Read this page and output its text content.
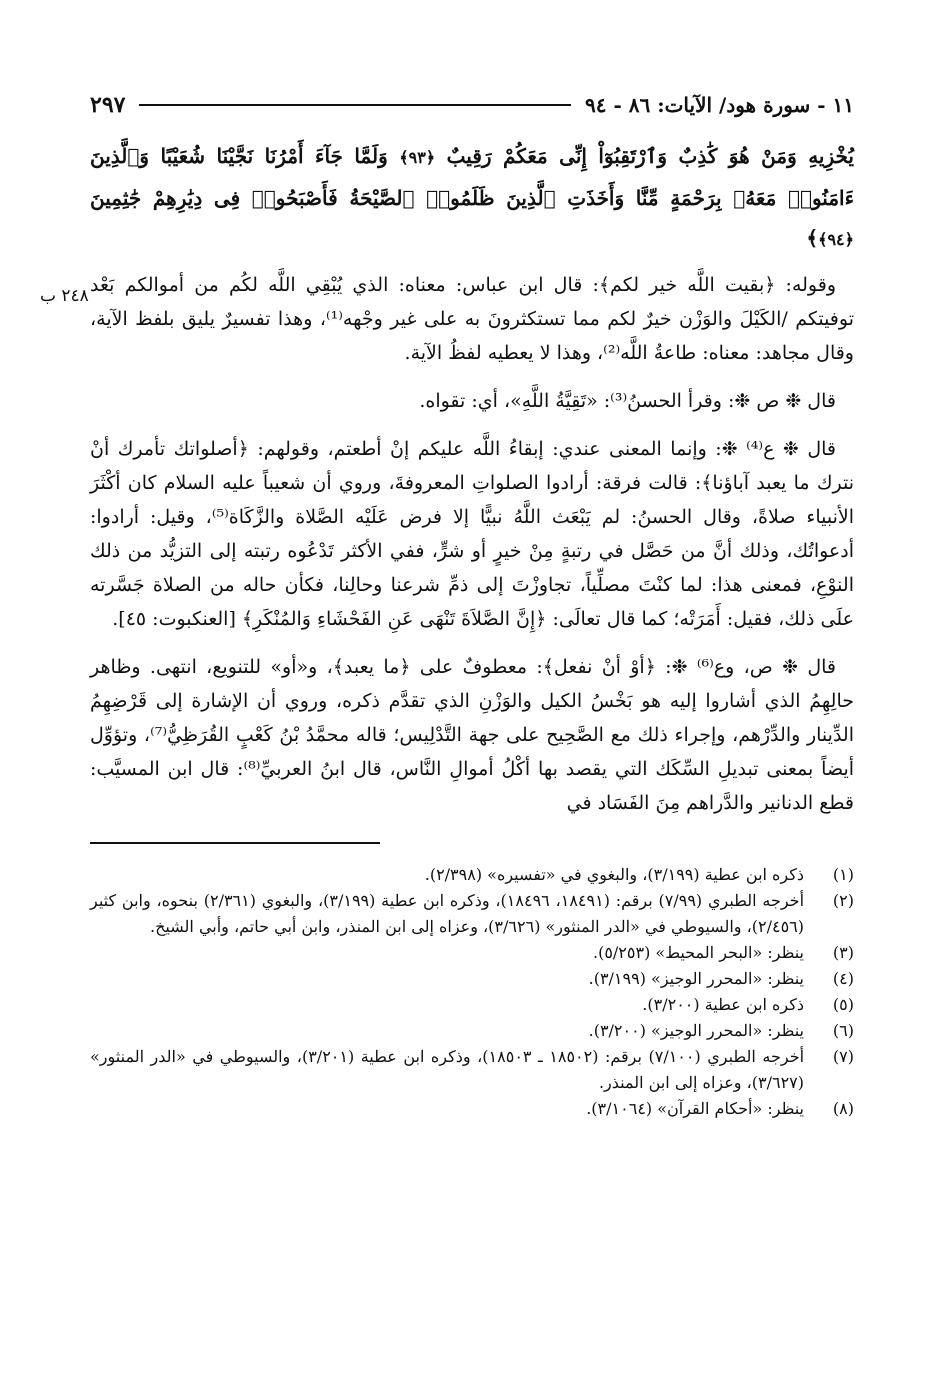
١١ - سورة هود/ الآيات: ٨٦ - ٩٤
٢٩٧
يُخْزِيهِ وَمَنْ هُوَ كَٰذِبٌ وَٱرْتَقِبُوٓاْ إِنِّى مَعَكُمْ رَقِيبٌ ﴿٩٣﴾ وَلَمَّا جَآءَ أَمْرُنَا نَجَّيْنَا شُعَيْبًا وَٱلَّذِينَ ءَامَنُوا۟ مَعَهُۥ بِرَحْمَةٍ مِّنَّا وَأَخَذَتِ ٱلَّذِينَ ظَلَمُوا۟ ٱلصَّيْحَةُ فَأَصْبَحُوا۟ فِى دِيَٰرِهِمْ جَٰثِمِينَ ﴿٩٤﴾﴾
٢٤٨ ب وقوله: ﴿بقيت اللَّه خير لكم﴾: قال ابن عباس: معناه: الذي يُبْقِي اللَّه لكُم من أموالكم بَعْد توفيتكم /الكَيْلَ والوَزْن خيرٌ لكم مما تستكثرونَ به على غير وجْهه⁽¹⁾، وهذا تفسيرٌ يليق بلفظ الآية، وقال مجاهد: معناه: طاعةُ اللَّه⁽²⁾، وهذا لا يعطيه لفظُ الآية.

قال ❉ ص ❉: وقرأ الحسنُ⁽³⁾: «تَقِيَّةُ اللَّهِ»، أي: تقواه.

قال ❉ ع⁽⁴⁾ ❉: وإنما المعنى عندي: إبقاءُ اللَّه عليكم إنْ أطعتم، وقولهم: ﴿أصلواتك تأمرك أنْ نترك ما يعبد آباؤنا﴾: قالت فرقة: أرادوا الصلواتِ المعروفةَ، وروي أن شعيباً عليه السلام كان أكْثَرَ الأنبياء صلاةً، وقال الحسنُ: لم يَبْعَث اللَّهُ نبيًّا إلا فرض عَلَيْه الصَّلاة والزَّكَاة⁽⁵⁾، وقيل: أرادوا: أدعواتُك، وذلك أنَّ من حَصَّل في رتبةٍ مِنْ خيرٍ أو شرٍّ، ففي الأكثر تَدْعُوه رتبته إلى التزيُّد من ذلك النوْعِ، فمعنى هذا: لما كنْتَ مصلِّياً، تجاوزْتَ إلى ذمِّ شرعنا وحالِنا، فكأن حاله من الصلاة جَسَّرته علَى ذلك، فقيل: أَمَرَتْه؛ كما قال تعالَى: ﴿إِنَّ الصَّلاَةَ تَنْهَى عَنِ الفَحْشَاءِ وَالمُنْكَرِ﴾ [العنكبوت: ٤٥].

قال ❉ ص، وع⁽⁶⁾ ❉: ﴿أوْ أنْ نفعل﴾: معطوفٌ على ﴿ما يعبد﴾، و«أو» للتنويع، انتهى. وظاهر حالِهِمُ الذي أشاروا إليه هو بَخْسُ الكيل والوَزْنِ الذي تقدَّم ذكره، وروي أن الإشارة إلى قَرْضِهِمُ الدِّينار والدِّرْهم، وإجراء ذلك مع الصَّحِيح على جهة التَّدْلِيس؛ قاله محمَّدُ بْنُ كَعْبٍ القُرَظِيُّ⁽⁷⁾، وتؤوِّل أيضاً بمعنى تبديلِ السِّكَك التي يقصد بها أكْلُ أموالِ النَّاس، قال ابنُ العربيِّ⁽⁸⁾: قال ابن المسيَّب: قطع الدنانير والدَّراهم مِنَ الفَسَاد في

(١)
ذكره ابن عطية (٣/١٩٩)، والبغوي في «تفسيره» (٢/٣٩٨).
(٢)
أخرجه الطبري (٧/٩٩) برقم: (١٨٤٩١، ١٨٤٩٦)، وذكره ابن عطية (٣/١٩٩)، والبغوي (٢/٣٦١) بنحوه، وابن كثير (٢/٤٥٦)، والسيوطي في «الدر المنثور» (٣/٦٢٦)، وعزاه إلى ابن المنذر، وابن أبي حاتم، وأبي الشيخ.
(٣)
ينظر: «البحر المحيط» (٥/٢٥٣).
(٤)
ينظر: «المحرر الوجيز» (٣/١٩٩).
(٥)
ذكره ابن عطية (٣/٢٠٠).
(٦)
ينظر: «المحرر الوجيز» (٣/٢٠٠).
(٧)
أخرجه الطبري (٧/١٠٠) برقم: (١٨٥٠٢ ـ ١٨٥٠٣)، وذكره ابن عطية (٣/٢٠١)، والسيوطي في «الدر المنثور» (٣/٦٢٧)، وعزاه إلى ابن المنذر.
(٨)
ينظر: «أحكام القرآن» (٣/١٠٦٤).
